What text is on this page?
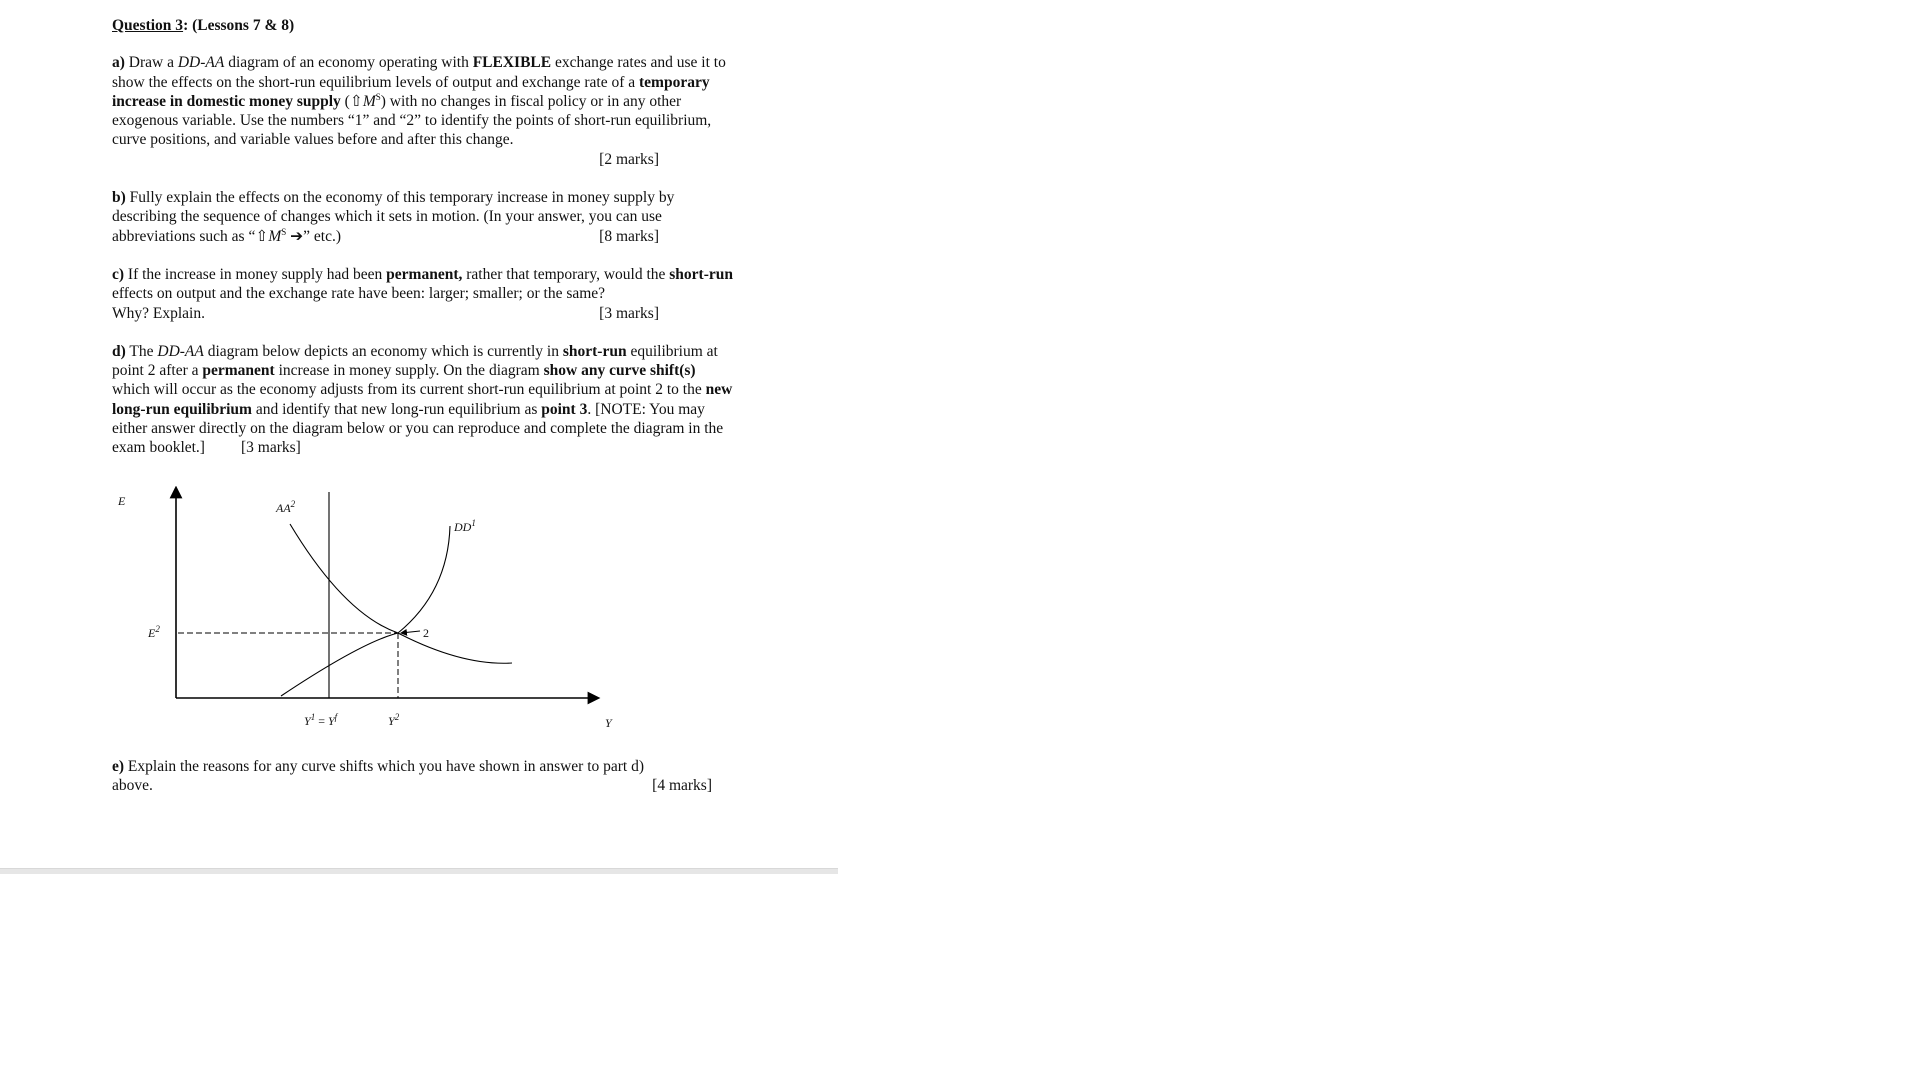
Question 3: (Lessons 7 & 8)

a) Draw a DD-AA diagram of an economy operating with FLEXIBLE exchange rates and use it to show the effects on the short-run equilibrium levels of output and exchange rate of a temporary increase in domestic money supply $(⇧M^S)$ with no changes in fiscal policy or in any other exogenous variable. Use the numbers “1” and “2” to identify the points of short-run equilibrium, curve positions, and variable values before and after this change.

[2 marks]

b) Fully explain the effects on the economy of this temporary increase in money supply by describing the sequence of changes which it sets in motion. (In your answer, you can use abbreviations such as “$⇧M^S$ ➔” etc.)	[8 marks]

c) If the increase in money supply had been permanent, rather that temporary, would the short-run effects on output and the exchange rate have been: larger; smaller; or the same?

Why? Explain.	[3 marks]

d) The DD-AA diagram below depicts an economy which is currently in short-run equilibrium at point 2 after a permanent increase in money supply. On the diagram show any curve shift(s) which will occur as the economy adjusts from its current short-run equilibrium at point 2 to the new long-run equilibrium and identify that new long-run equilibrium as point 3. [NOTE: You may either answer directly on the diagram below or you can reproduce and complete the diagram in the exam booklet.] [3 marks]

E	$AA^2$
$DD^1$
$E^2$	2
$Y^1 = Y^f$	$Y^2$	Y

e) Explain the reasons for any curve shifts which you have shown in answer to part d)

above.	[4 marks]
